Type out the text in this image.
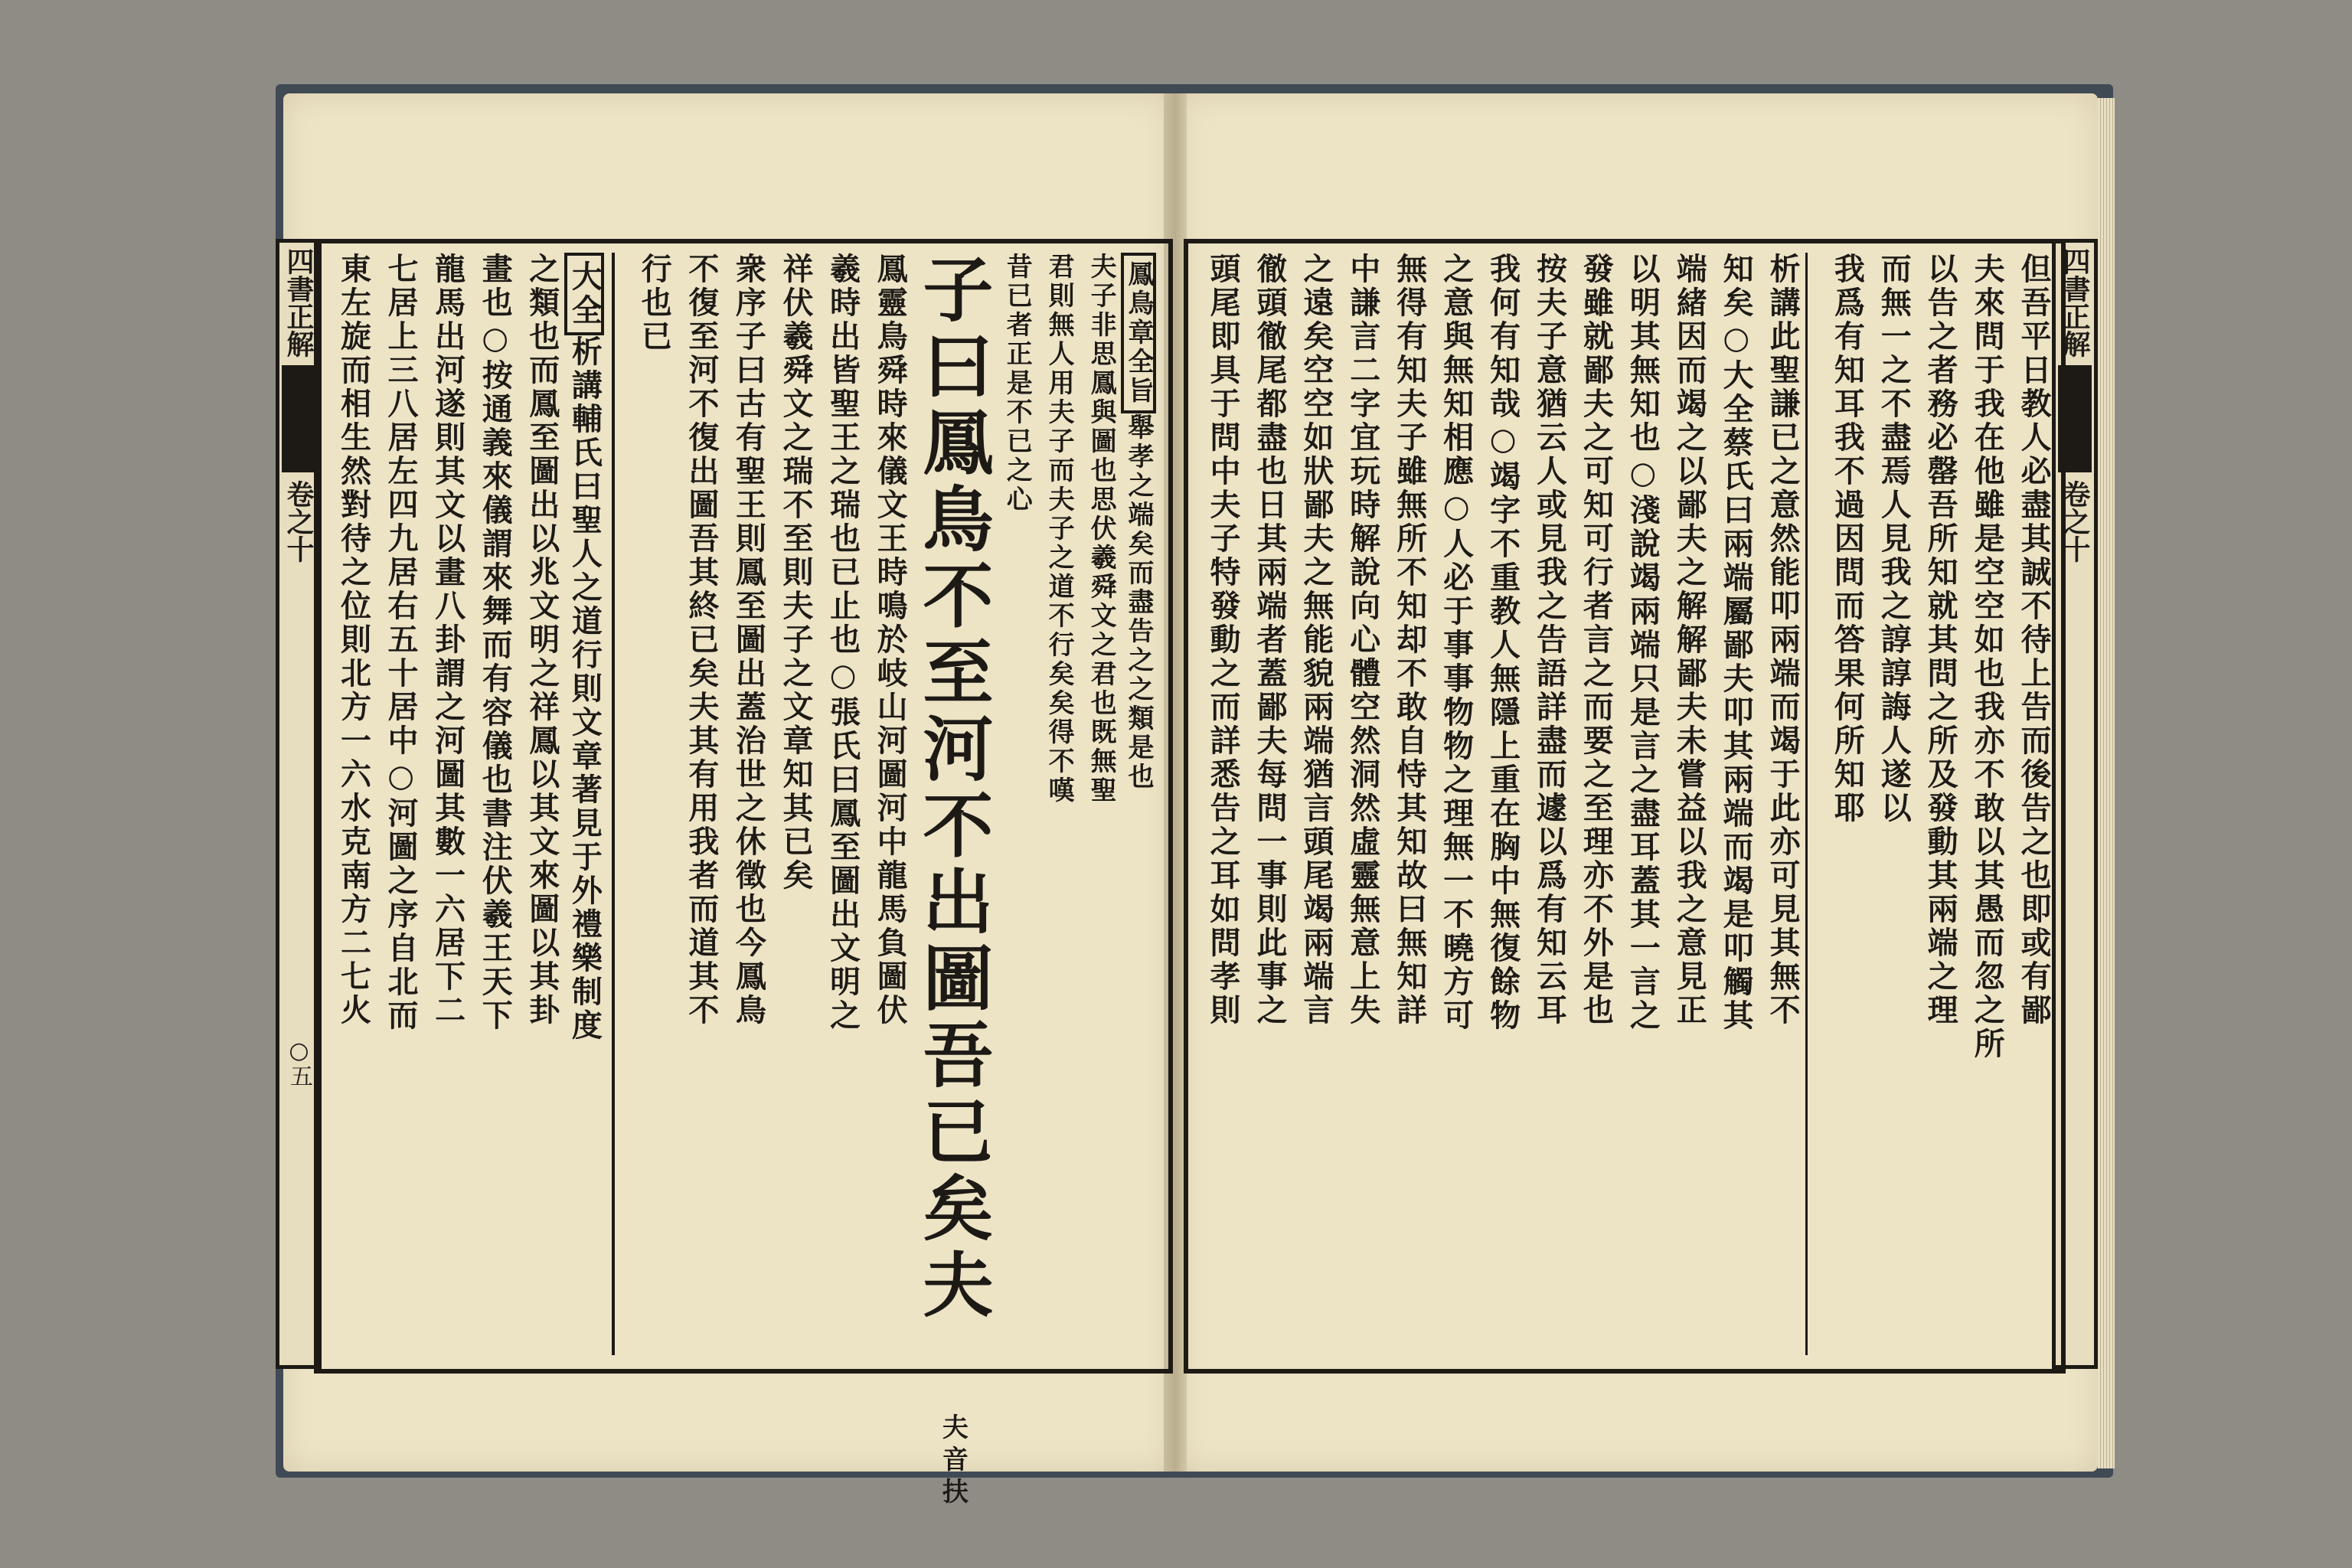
四書正解
卷之十
○五
四書正解
卷之十
鳳鳥章全旨舉孝之端矣而盡告之之類是也
夫子非思鳳與圖也思伏羲舜文之君也既無聖
君則無人用夫子而夫子之道不行矣矣得不嘆
昔已者正是不已之心
子曰鳳鳥不至河不出圖吾已矣夫 夫音扶
鳳靈鳥舜時來儀文王時鳴於岐山河圖河中龍馬負圖伏
羲時出皆聖王之瑞也已止也○張氏曰鳳至圖出文明之
祥伏羲舜文之瑞不至則夫子之文章知其已矣
衆序子曰古有聖王則鳳至圖出蓋治世之休徵也今鳳鳥
不復至河不復出圖吾其終已矣夫其有用我者而道其不
行也已
大全析講輔氏曰聖人之道行則文章著見于外禮樂制度
之類也而鳳至圖出以兆文明之祥鳳以其文來圖以其卦
畫也○按通義來儀謂來舞而有容儀也書注伏羲王天下
龍馬出河遂則其文以畫八卦謂之河圖其數一六居下二
七居上三八居左四九居右五十居中○河圖之序自北而
東左旋而相生然對待之位則北方一六水克南方二七火	但吾平日教人必盡其誠不待上告而後告之也即或有鄙
夫來問于我在他雖是空空如也我亦不敢以其愚而忽之所
以告之者務必罄吾所知就其問之所及發動其兩端之理
而無一之不盡焉人見我之諄諄誨人遂以
我爲有知耳我不過因問而答果何所知耶
析講此聖謙已之意然能叩兩端而竭于此亦可見其無不
知矣○大全蔡氏曰兩端屬鄙夫叩其兩端而竭是叩觸其
端緒因而竭之以鄙夫之解解鄙夫未嘗益以我之意見正
以明其無知也○淺說竭兩端只是言之盡耳蓋其一言之
發雖就鄙夫之可知可行者言之而要之至理亦不外是也
按夫子意猶云人或見我之告語詳盡而遽以爲有知云耳
我何有知哉○竭字不重教人無隱上重在胸中無復餘物
之意與無知相應○人必于事事物物之理無一不曉方可
無得有知夫子雖無所不知却不敢自恃其知故曰無知詳
中謙言二字宜玩時解說向心體空然洞然虛靈無意上失
之遠矣空空如狀鄙夫之無能貌兩端猶言頭尾竭兩端言
徹頭徹尾都盡也日其兩端者蓋鄙夫每問一事則此事之
頭尾即具于問中夫子特發動之而詳悉告之耳如問孝則
